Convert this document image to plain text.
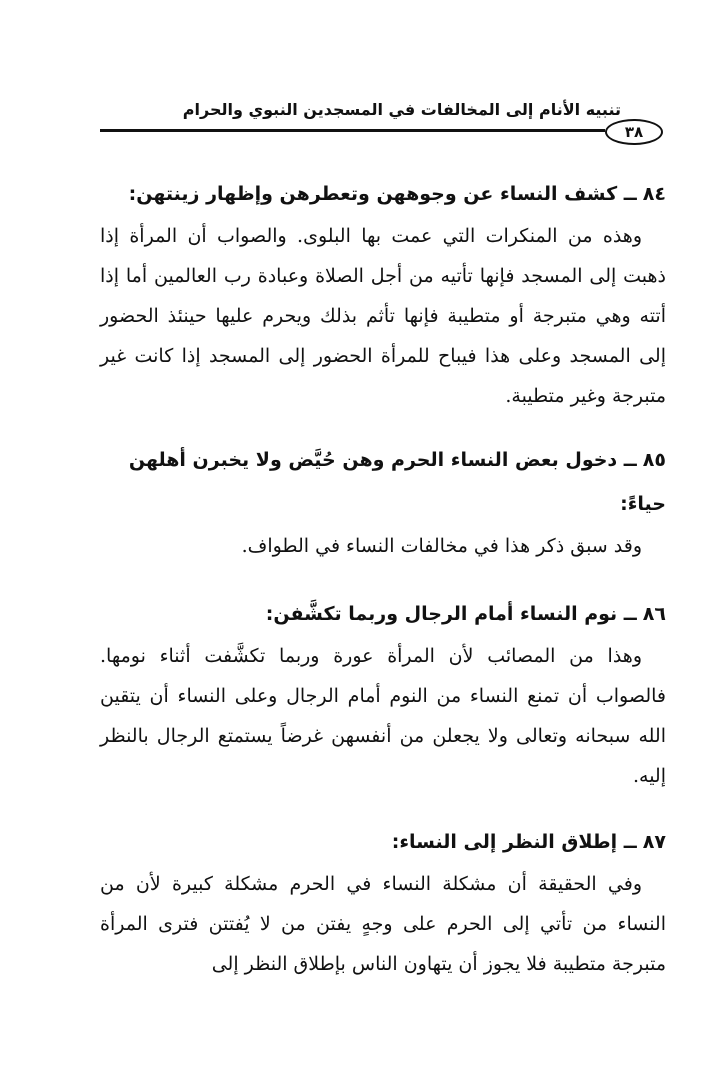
تنبيه الأنام إلى المخالفات في المسجدين النبوي والحرام
٣٨

٨٤ــ كشف النساء عن وجوههن وتعطرهن وإظهار زينتهن:

وهذه من المنكرات التي عمت بها البلوى. والصواب أن المرأة إذا ذهبت إلى المسجد فإنها تأتيه من أجل الصلاة وعبادة رب العالمين أما إذا أتته وهي متبرجة أو متطيبة فإنها تأثم بذلك ويحرم عليها حينئذ الحضور إلى المسجد وعلى هذا فيباح للمرأة الحضور إلى المسجد إذا كانت غير متبرجة وغير متطيبة.

٨٥ــ دخول بعض النساء الحرم وهن حُيَّض ولا يخبرن أهلهن حياءً:

وقد سبق ذكر هذا في مخالفات النساء في الطواف.

٨٦ــ نوم النساء أمام الرجال وربما تكشَّفن:

وهذا من المصائب لأن المرأة عورة وربما تكشَّفت أثناء نومها. فالصواب أن تمنع النساء من النوم أمام الرجال وعلى النساء أن يتقين الله سبحانه وتعالى ولا يجعلن من أنفسهن غرضاً يستمتع الرجال بالنظر إليه.

٨٧ــ إطلاق النظر إلى النساء:

وفي الحقيقة أن مشكلة النساء في الحرم مشكلة كبيرة لأن من النساء من تأتي إلى الحرم على وجهٍ يفتن من لا يُفتتن فترى المرأة متبرجة متطيبة فلا يجوز أن يتهاون الناس بإطلاق النظر إلى
